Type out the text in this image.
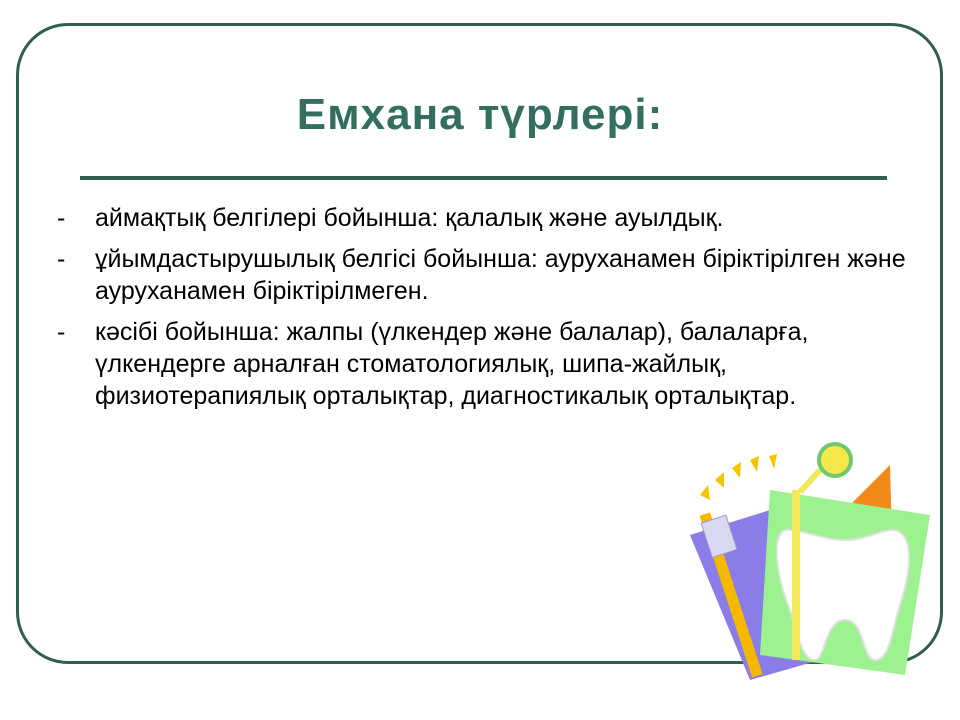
Емхана түрлері:
- аймақтық белгілері бойынша: қалалық және ауылдық.
- ұйымдастырушылық белгісі бойынша: ауруханамен біріктірілген және ауруханамен біріктірілмеген.
- кәсібі бойынша: жалпы (үлкендер және балалар), балаларға, үлкендерге арналған стоматологиялық, шипа-жайлық, физиотерапиялық орталықтар, диагностикалық орталықтар.
